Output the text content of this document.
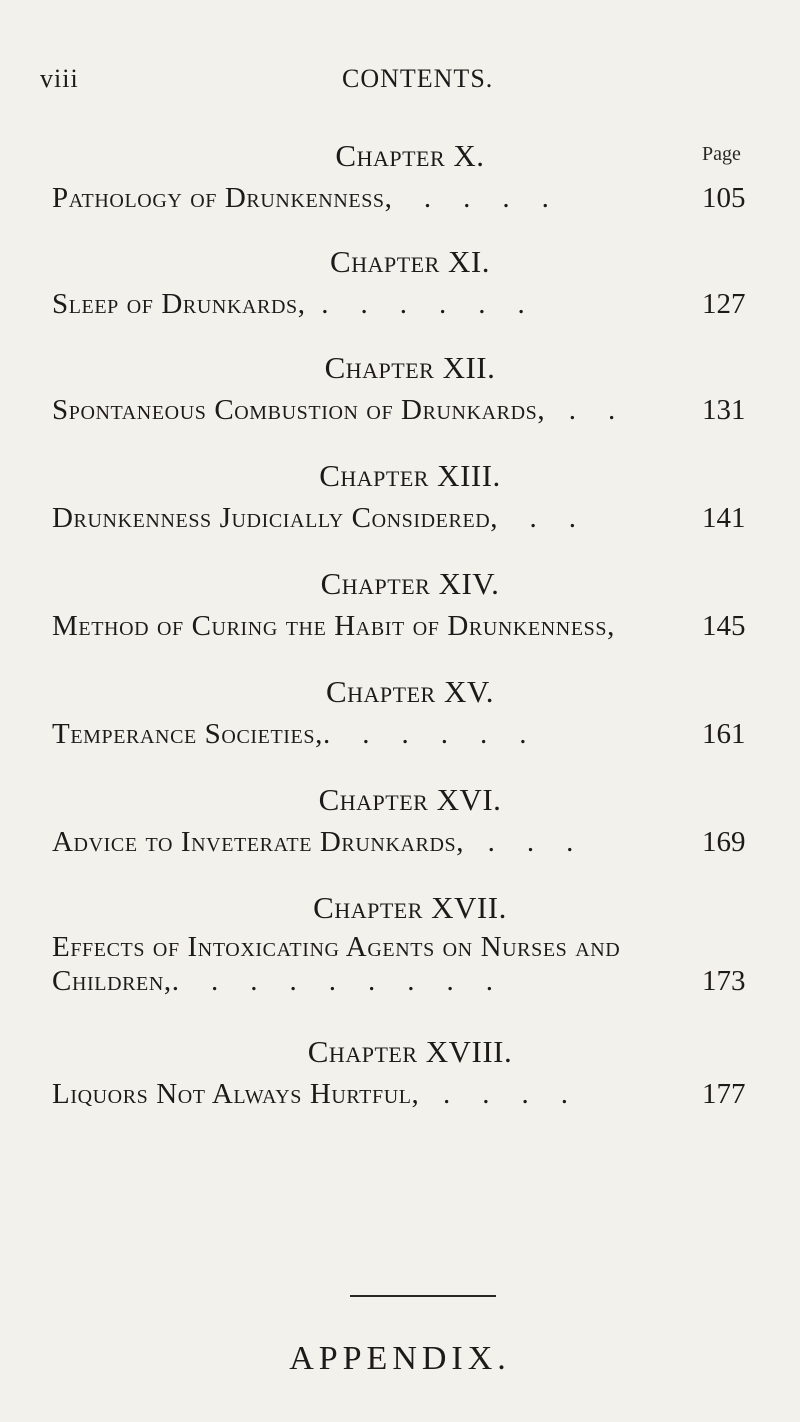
viii	CONTENTS.
Page
Chapter X.
Pathology of Drunkenness,    .    .    .    .	105
Chapter XI.
Sleep of Drunkards,  .    .    .    .    .    .	127
Chapter XII.
Spontaneous Combustion of Drunkards,   .    .	131
Chapter XIII.
Drunkenness Judicially Considered,    .    .	141
Chapter XIV.
Method of Curing the Habit of Drunkenness,	145
Chapter XV.
Temperance Societies,.    .    .    .    .    .	161
Chapter XVI.
Advice to Inveterate Drunkards,   .    .    .	169
Chapter XVII.
Effects of Intoxicating Agents on Nurses and
Children,.    .    .    .    .    .    .    .    .	173
Chapter XVIII.
Liquors Not Always Hurtful,   .    .    .    .	177
APPENDIX.
